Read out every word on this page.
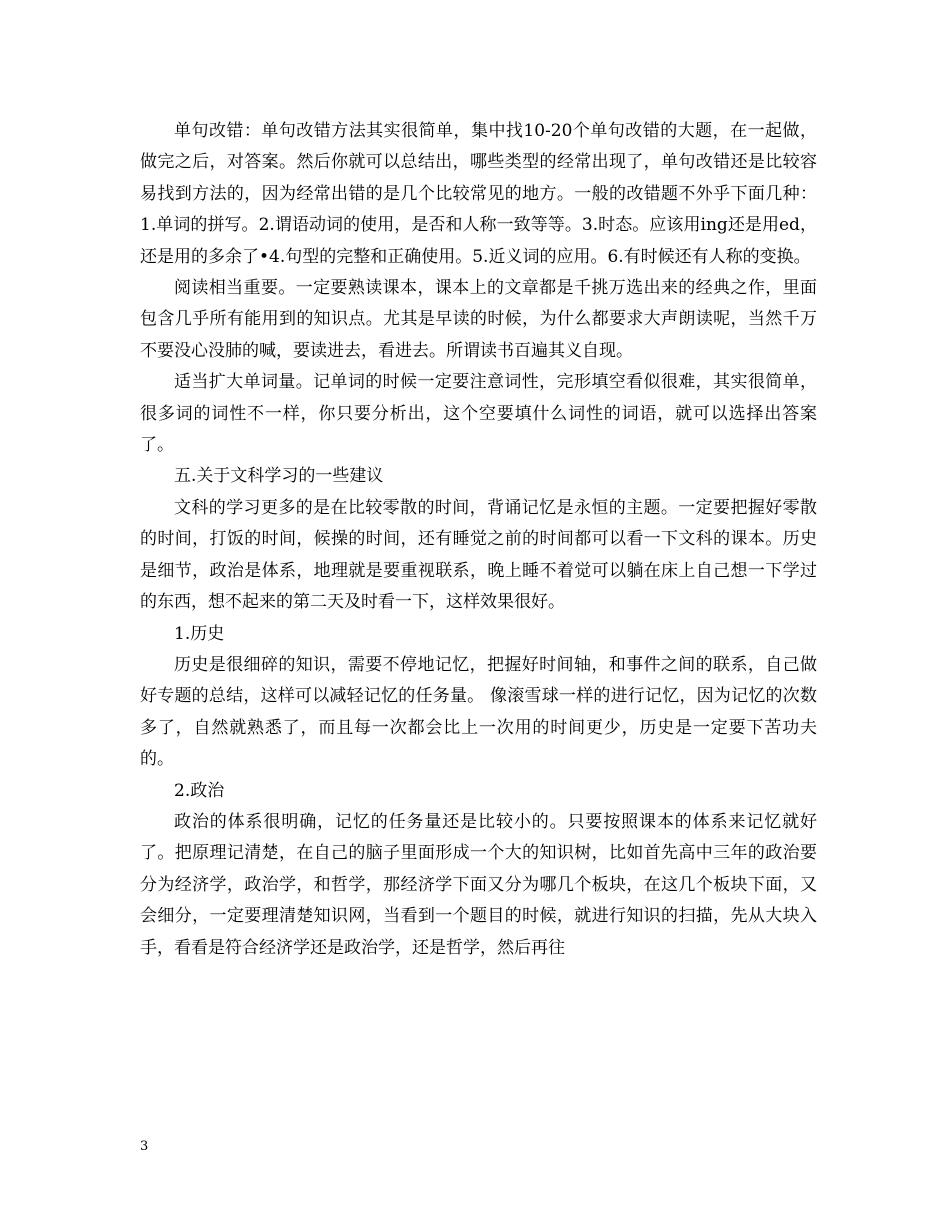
单句改错：单句改错方法其实很简单，集中找10-20个单句改错的大题，在一起做，做完之后，对答案。然后你就可以总结出，哪些类型的经常出现了，单句改错还是比较容易找到方法的，因为经常出错的是几个比较常见的地方。一般的改错题不外乎下面几种：1.单词的拼写。2.谓语动词的使用，是否和人称一致等等。3.时态。应该用ing还是用ed，还是用的多余了•4.句型的完整和正确使用。5.近义词的应用。6.有时候还有人称的变换。

阅读相当重要。一定要熟读课本，课本上的文章都是千挑万选出来的经典之作，里面包含几乎所有能用到的知识点。尤其是早读的时候，为什么都要求大声朗读呢，当然千万不要没心没肺的喊，要读进去，看进去。所谓读书百遍其义自现。

适当扩大单词量。记单词的时候一定要注意词性，完形填空看似很难，其实很简单，很多词的词性不一样，你只要分析出，这个空要填什么词性的词语，就可以选择出答案了。

五.关于文科学习的一些建议

文科的学习更多的是在比较零散的时间，背诵记忆是永恒的主题。一定要把握好零散的时间，打饭的时间，候操的时间，还有睡觉之前的时间都可以看一下文科的课本。历史是细节，政治是体系，地理就是要重视联系，晚上睡不着觉可以躺在床上自己想一下学过的东西，想不起来的第二天及时看一下，这样效果很好。

1.历史

历史是很细碎的知识，需要不停地记忆，把握好时间轴，和事件之间的联系，自己做好专题的总结，这样可以减轻记忆的任务量。 像滚雪球一样的进行记忆，因为记忆的次数多了，自然就熟悉了，而且每一次都会比上一次用的时间更少，历史是一定要下苦功夫的。

2.政治

政治的体系很明确，记忆的任务量还是比较小的。只要按照课本的体系来记忆就好了。把原理记清楚，在自己的脑子里面形成一个大的知识树，比如首先高中三年的政治要分为经济学，政治学，和哲学，那经济学下面又分为哪几个板块，在这几个板块下面，又会细分，一定要理清楚知识网，当看到一个题目的时候，就进行知识的扫描，先从大块入手，看看是符合经济学还是政治学，还是哲学，然后再往

3
